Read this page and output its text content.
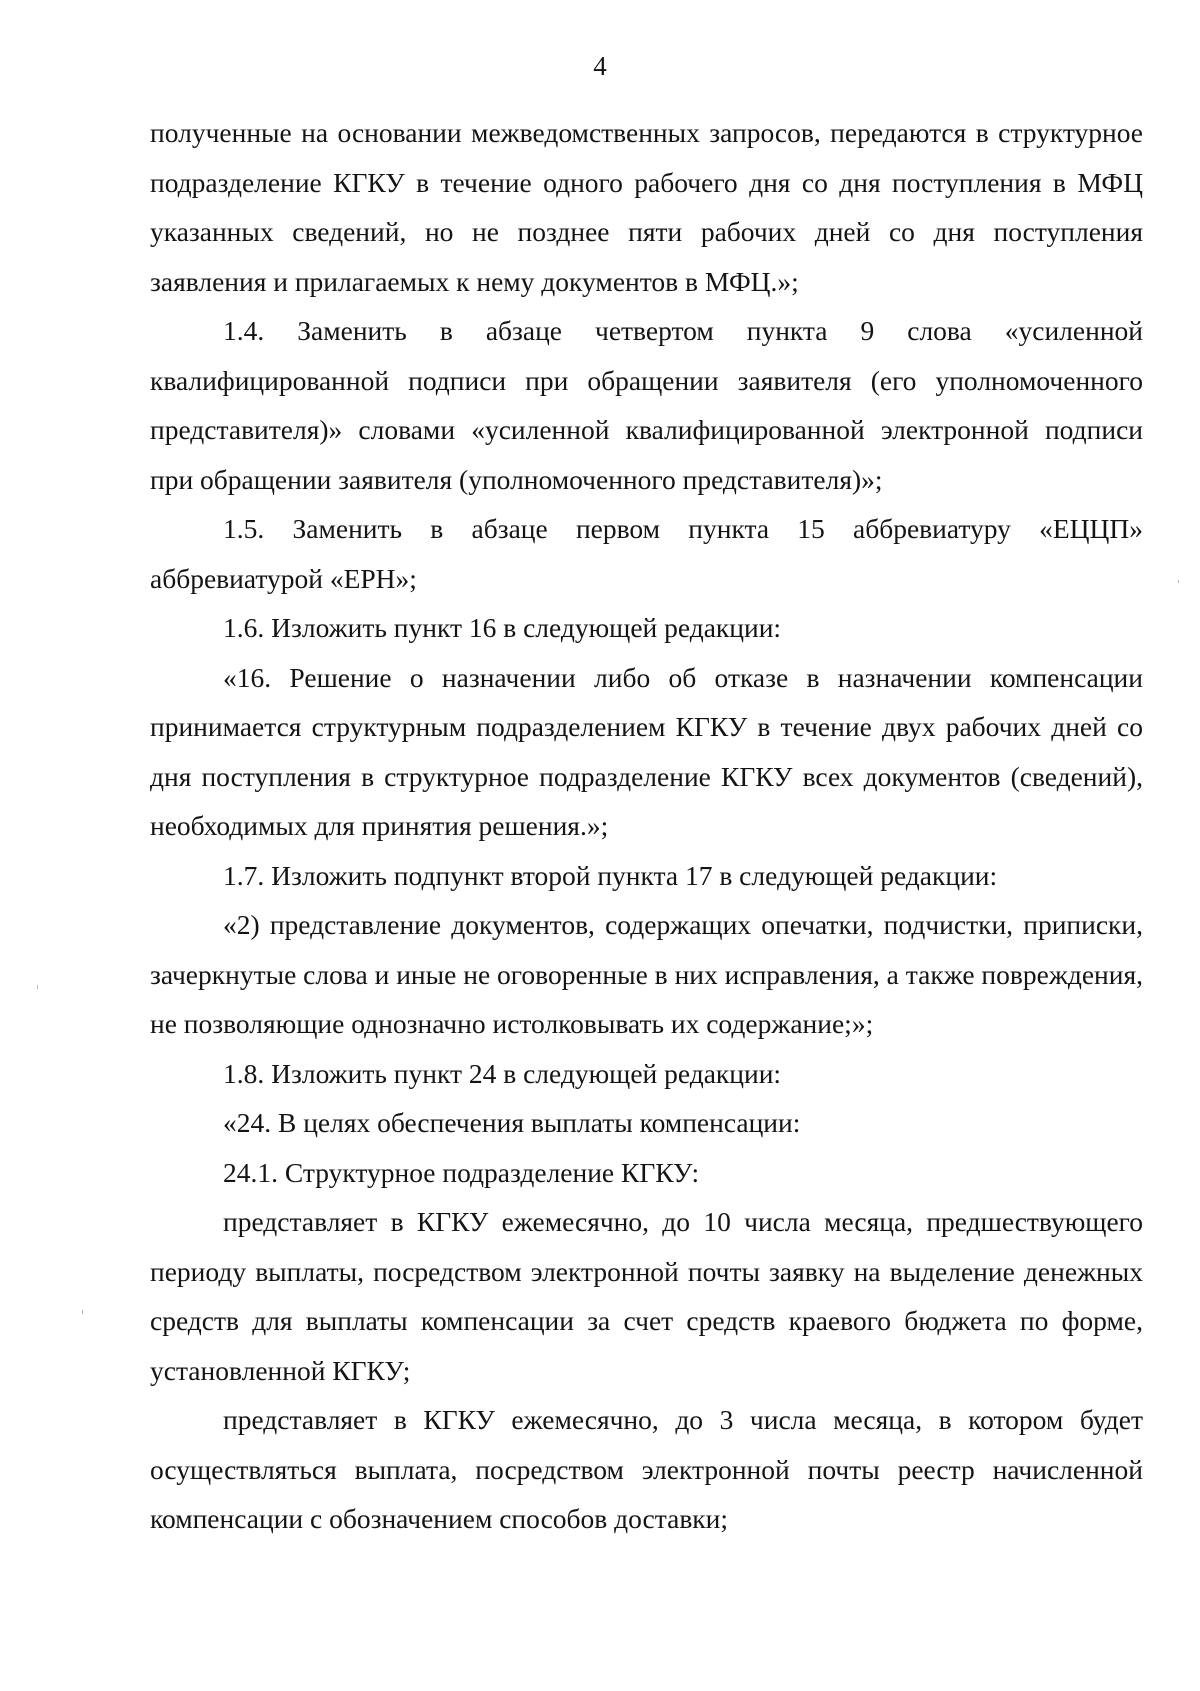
4

полученные на основании межведомственных запросов, передаются в структурное подразделение КГКУ в течение одного рабочего дня со дня поступления в МФЦ указанных сведений, но не позднее пяти рабочих дней со дня поступления заявления и прилагаемых к нему документов в МФЦ.»;

1.4. Заменить в абзаце четвертом пункта 9 слова «усиленной квалифицированной подписи при обращении заявителя (его уполномоченного представителя)» словами «усиленной квалифицированной электронной подписи при обращении заявителя (уполномоченного представителя)»;

1.5. Заменить в абзаце первом пункта 15 аббревиатуру «ЕЦЦП» аббревиатурой «ЕРН»;

1.6. Изложить пункт 16 в следующей редакции:

«16. Решение о назначении либо об отказе в назначении компенсации принимается структурным подразделением КГКУ в течение двух рабочих дней со дня поступления в структурное подразделение КГКУ всех документов (сведений), необходимых для принятия решения.»;

1.7. Изложить подпункт второй пункта 17 в следующей редакции:

«2) представление документов, содержащих опечатки, подчистки, приписки, зачеркнутые слова и иные не оговоренные в них исправления, а также повреждения, не позволяющие однозначно истолковывать их содержание;»;

1.8. Изложить пункт 24 в следующей редакции:

«24. В целях обеспечения выплаты компенсации:

24.1. Структурное подразделение КГКУ:

представляет в КГКУ ежемесячно, до 10 числа месяца, предшествующего периоду выплаты, посредством электронной почты заявку на выделение денежных средств для выплаты компенсации за счет средств краевого бюджета по форме, установленной КГКУ;

представляет в КГКУ ежемесячно, до 3 числа месяца, в котором будет осуществляться выплата, посредством электронной почты реестр начисленной компенсации с обозначением способов доставки;
